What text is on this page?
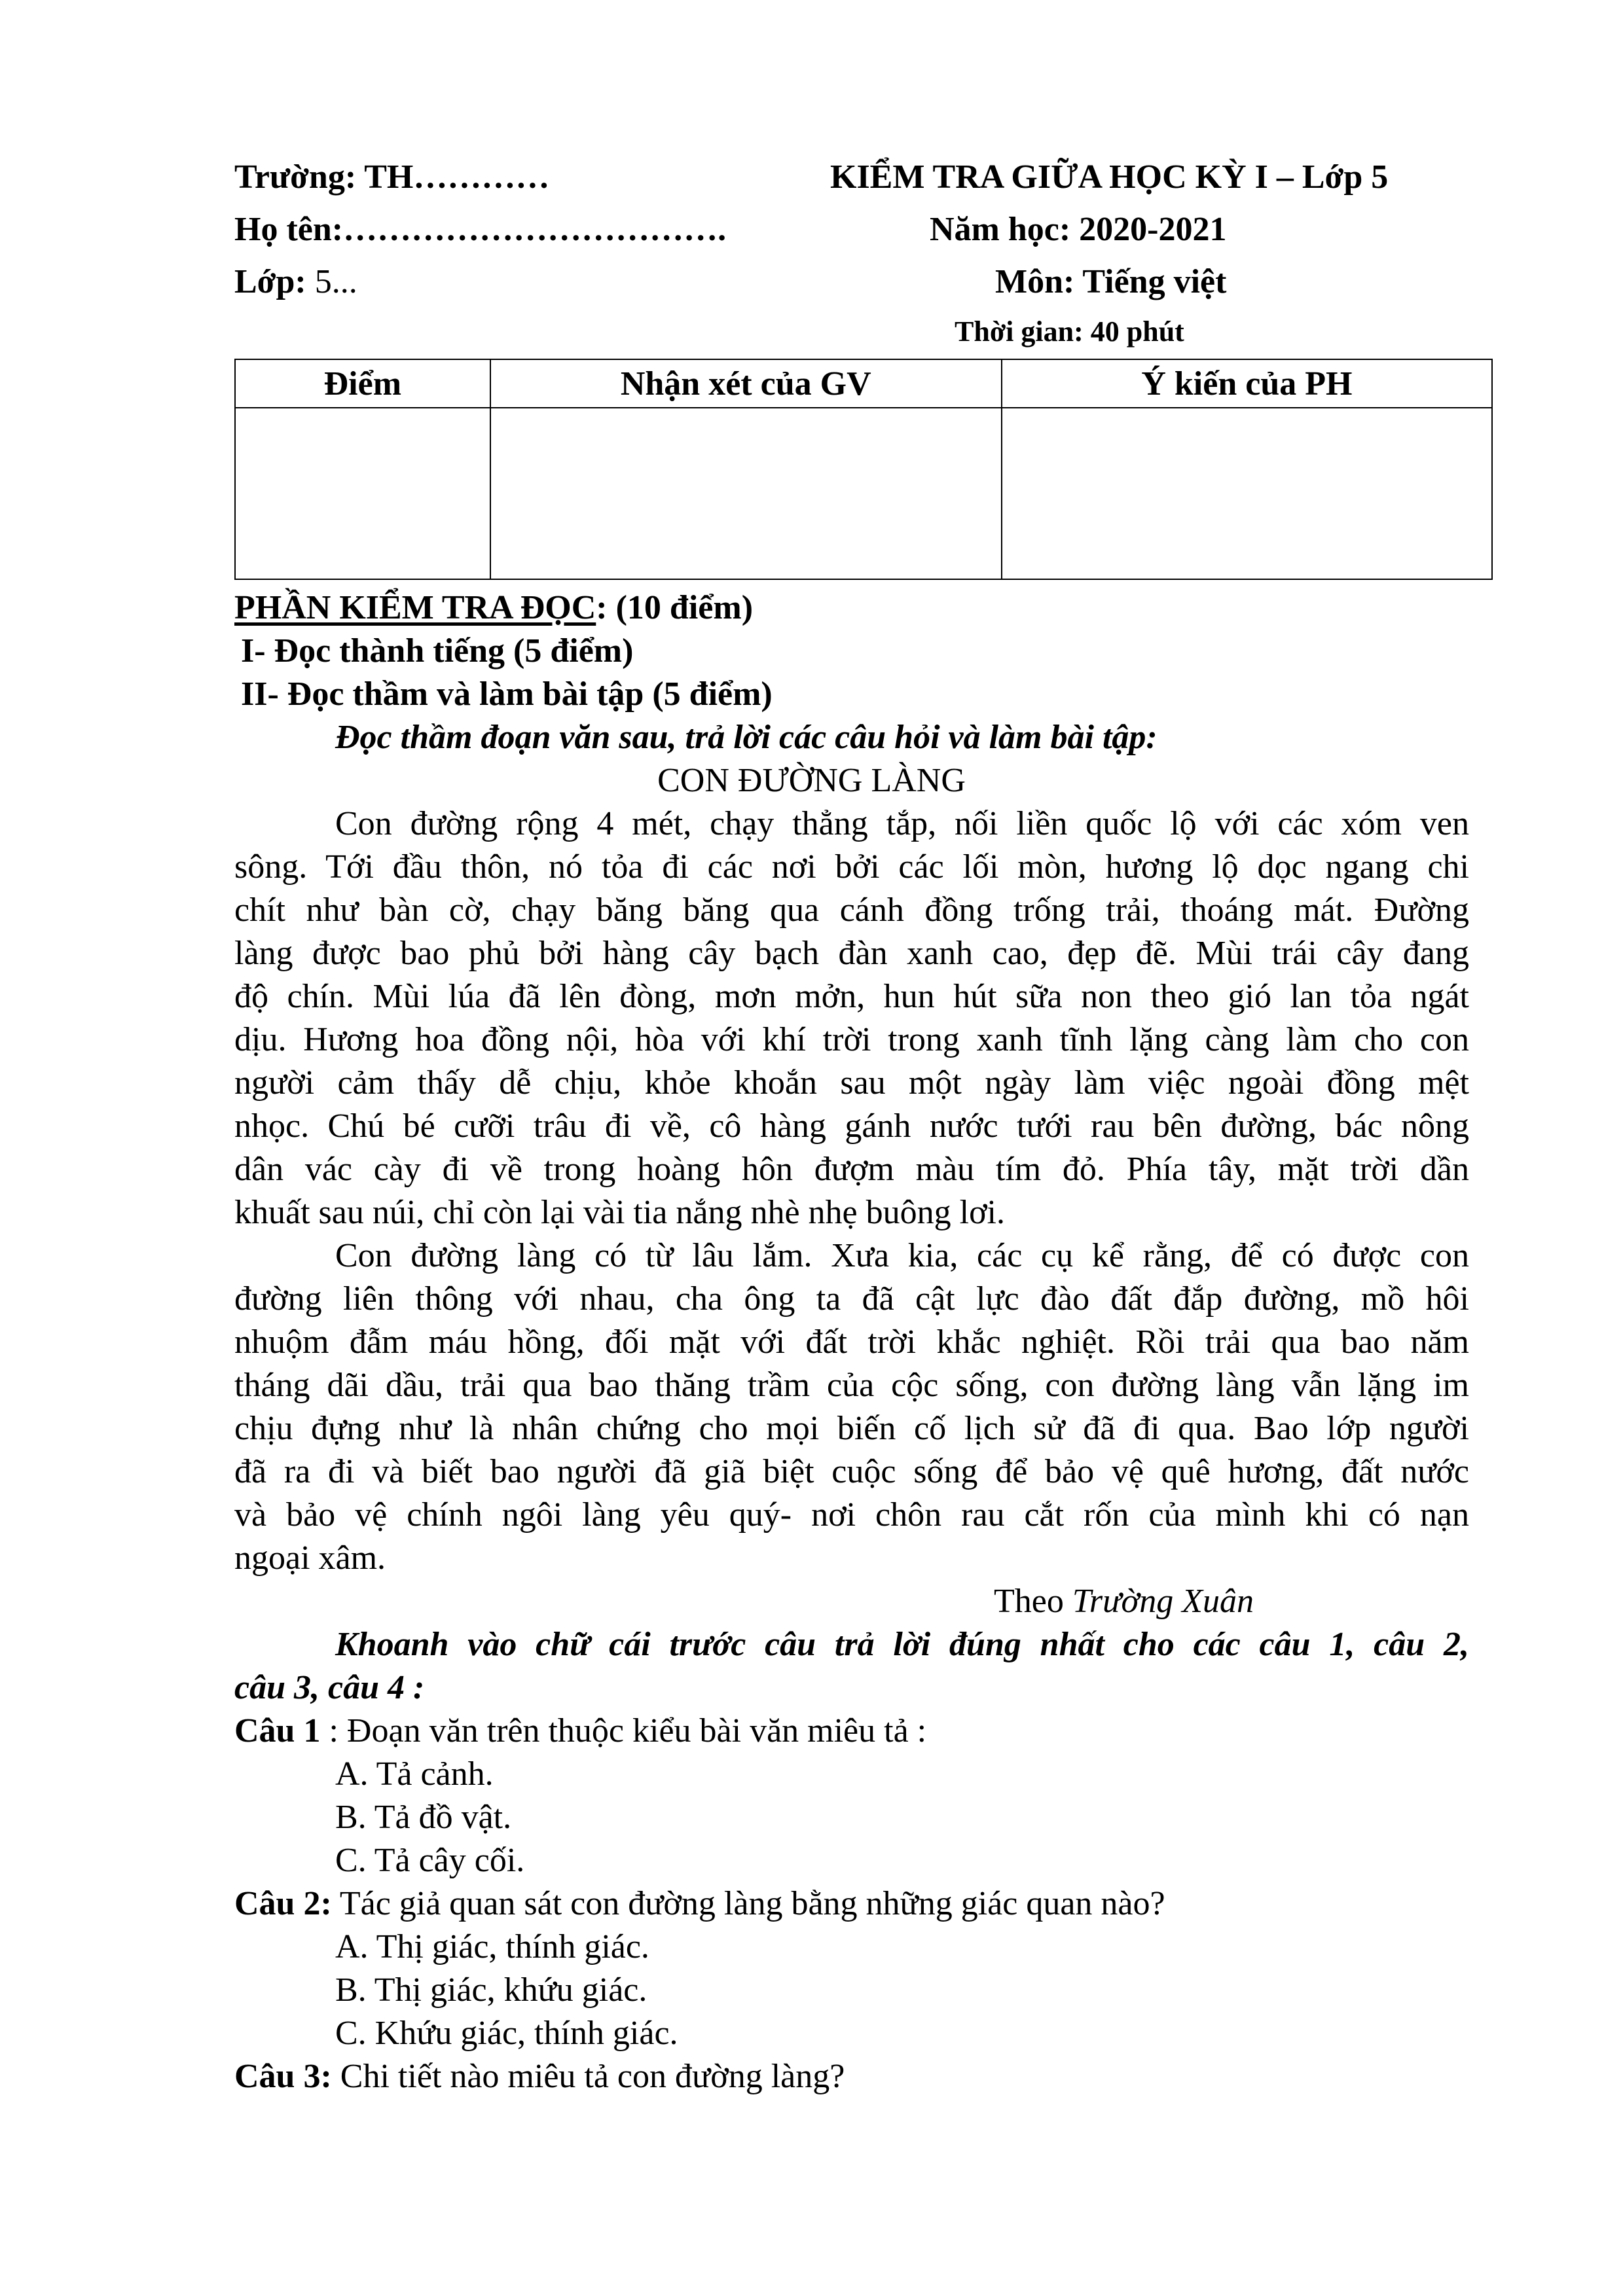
Trường: TH…………	KIỂM TRA GIỮA HỌC KỲ I – Lớp 5
Họ tên:…………………………….	Năm học: 2020-2021
Lớp: 5...	Môn: Tiếng việt
Thời gian: 40 phút
Điểm	Nhận xét của GV	Ý kiến của PH

PHẦN KIỂM TRA ĐỌC: (10 điểm)
I- Đọc thành tiếng (5 điểm)
II- Đọc thầm và làm bài tập (5 điểm)
Đọc thầm đoạn văn sau, trả lời các câu hỏi và làm bài tập:
CON ĐƯỜNG LÀNG
Con đường rộng 4 mét, chạy thẳng tắp, nối liền quốc lộ với các xóm ven
sông. Tới đầu thôn, nó tỏa đi các nơi bởi các lối mòn, hương lộ dọc ngang chi
chít như bàn cờ, chạy băng băng qua cánh đồng trống trải, thoáng mát. Đường
làng được bao phủ bởi hàng cây bạch đàn xanh cao, đẹp đẽ. Mùi trái cây đang
độ chín. Mùi lúa đã lên đòng, mơn mởn, hun hút sữa non theo gió lan tỏa ngát
dịu. Hương hoa đồng nội, hòa với khí trời trong xanh tĩnh lặng càng làm cho con
người cảm thấy dễ chịu, khỏe khoắn sau một ngày làm việc ngoài đồng mệt
nhọc. Chú bé cưỡi trâu đi về, cô hàng gánh nước tưới rau bên đường, bác nông
dân vác cày đi về trong hoàng hôn đượm màu tím đỏ. Phía tây, mặt trời dần
khuất sau núi, chỉ còn lại vài tia nắng nhè nhẹ buông lơi.
Con đường làng có từ lâu lắm. Xưa kia, các cụ kể rằng, để có được con
đường liên thông với nhau, cha ông ta đã cật lực đào đất đắp đường, mồ hôi
nhuộm đẫm máu hồng, đối mặt với đất trời khắc nghiệt. Rồi trải qua bao năm
tháng dãi dầu, trải qua bao thăng trầm của cộc sống, con đường làng vẫn lặng im
chịu đựng như là nhân chứng cho mọi biến cố lịch sử đã đi qua. Bao lớp người
đã ra đi và biết bao người đã giã biệt cuộc sống để bảo vệ quê hương, đất nước
và bảo vệ chính ngôi làng yêu quý- nơi chôn rau cắt rốn của mình khi có nạn
ngoại xâm.
Theo Trường Xuân
Khoanh vào chữ cái trước câu trả lời đúng nhất cho các câu 1, câu 2,
câu 3, câu 4 :
Câu 1 : Đoạn văn trên thuộc kiểu bài văn miêu tả :
A. Tả cảnh.
B. Tả đồ vật.
C. Tả cây cối.
Câu 2: Tác giả quan sát con đường làng bằng những giác quan nào?
A. Thị giác, thính giác.
B. Thị giác, khứu giác.
C. Khứu giác, thính giác.
Câu 3: Chi tiết nào miêu tả con đường làng?
